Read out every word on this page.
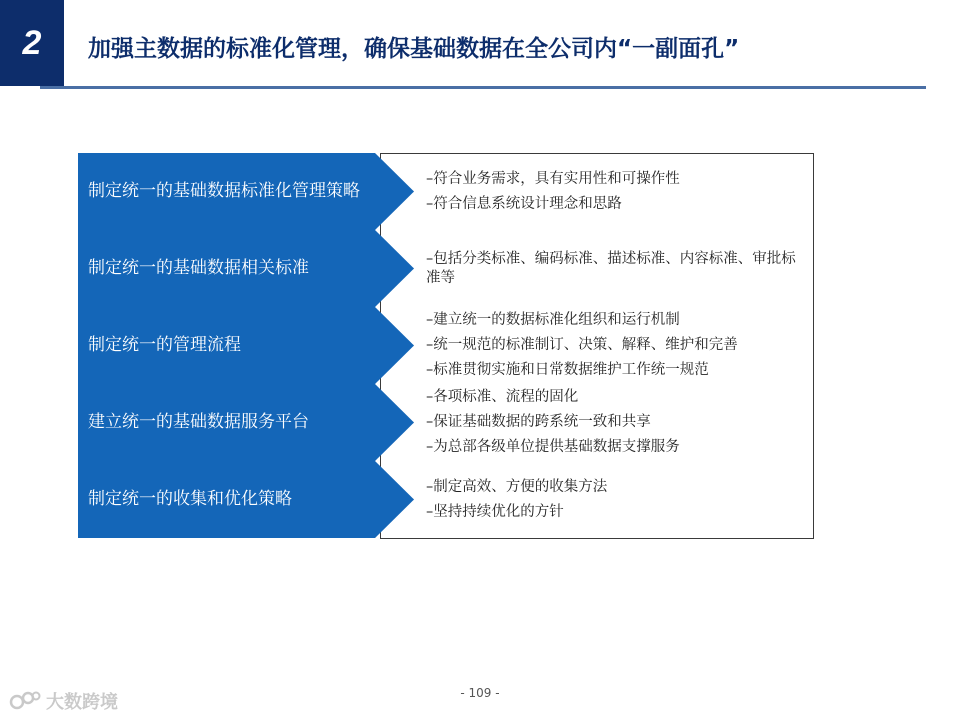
2 加强主数据的标准化管理，确保基础数据在全公司内“一副面孔”
制定统一的基础数据标准化管理策略
–符合业务需求，具有实用性和可操作性
–符合信息系统设计理念和思路
制定统一的基础数据相关标准	–包括分类标准、编码标准、描述标准、内容标准、审批标准等
制定统一的管理流程
–建立统一的数据标准化组织和运行机制
–统一规范的标准制订、决策、解释、维护和完善
–标准贯彻实施和日常数据维护工作统一规范
建立统一的基础数据服务平台
–各项标准、流程的固化
–保证基础数据的跨系统一致和共享
–为总部各级单位提供基础数据支撑服务
制定统一的收集和优化策略
–制定高效、方便的收集方法
–坚持持续优化的方针
- 109 -
大数跨境
